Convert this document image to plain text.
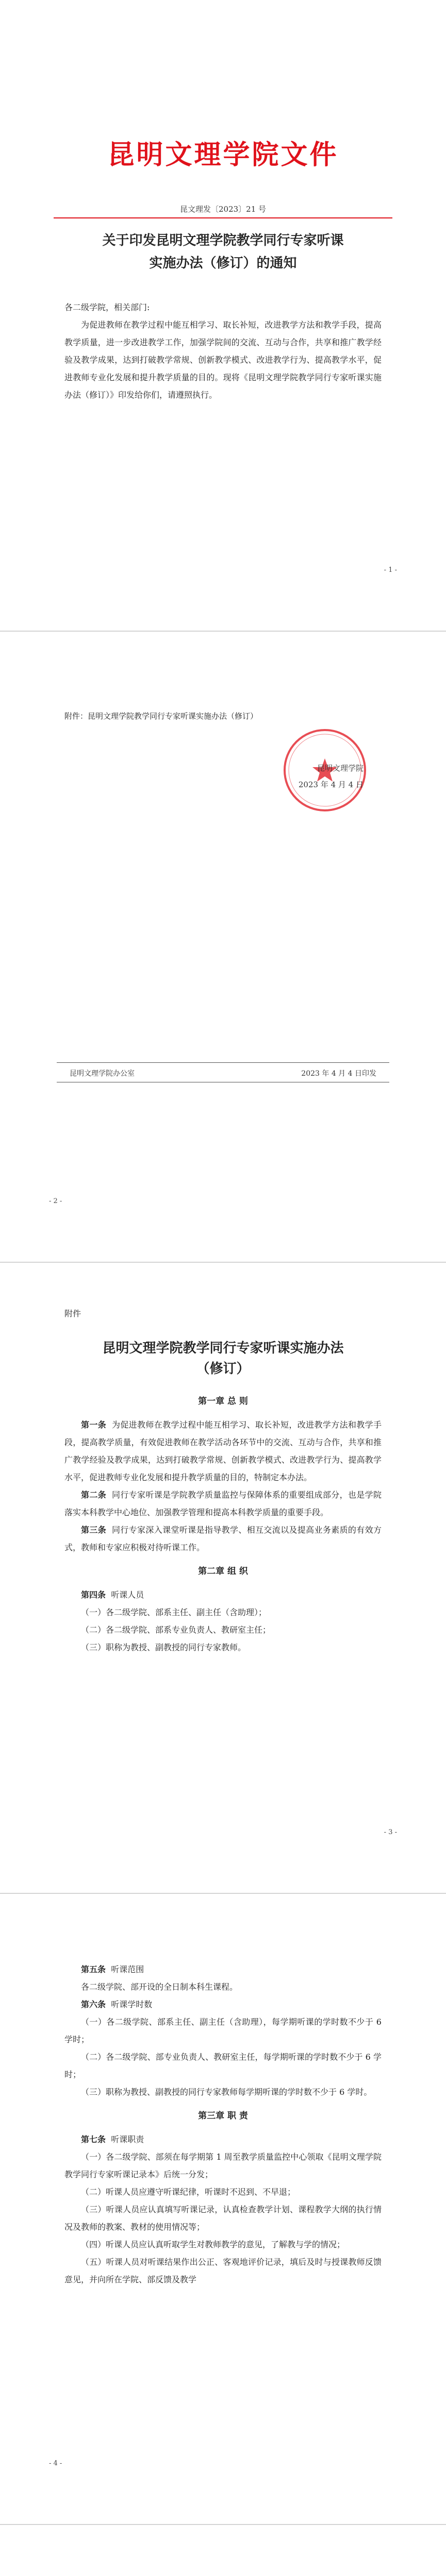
昆明文理学院文件
昆文理发〔2023〕21 号
关于印发昆明文理学院教学同行专家听课
实施办法（修订）的通知

各二级学院，相关部门:

为促进教师在教学过程中能互相学习、取长补短，改进教学方法和教学手段，提高教学质量，进一步改进教学工作，加强学院间的交流、互动与合作，共享和推广教学经验及教学成果，达到打破教学常规、创新教学模式、改进教学行为、提高教学水平，促进教师专业化发展和提升教学质量的目的。现将《昆明文理学院教学同行专家听课实施办法（修订）》印发给你们，请遵照执行。

- 1 -
- 2 -
附件：昆明文理学院教学同行专家听课实施办法（修订）
昆明文理学院
2023 年 4 月 4 日
昆明文理学院办公室	2023 年 4 月 4 日印发

附件

昆明文理学院教学同行专家听课实施办法
（修订）
第一章 总 则

第一条 为促进教师在教学过程中能互相学习、取长补短，改进教学方法和教学手段，提高教学质量，有效促进教师在教学活动各环节中的交流、互动与合作，共享和推广教学经验及教学成果，达到打破教学常规、创新教学模式、改进教学行为、提高教学水平，促进教师专业化发展和提升教学质量的目的，特制定本办法。

第二条 同行专家听课是学院教学质量监控与保障体系的重要组成部分，也是学院落实本科教学中心地位、加强教学管理和提高本科教学质量的重要手段。

第三条 同行专家深入课堂听课是指导教学、相互交流以及提高业务素质的有效方式，教师和专家应积极对待听课工作。

第二章 组 织

第四条 听课人员

（一）各二级学院、部系主任、副主任（含助理）；

（二）各二级学院、部系专业负责人、教研室主任；

（三）职称为教授、副教授的同行专家教师。

- 3 -

第五条 听课范围

各二级学院、部开设的全日制本科生课程。

第六条 听课学时数

（一）各二级学院、部系主任、副主任（含助理），每学期听课的学时数不少于 6 学时；

（二）各二级学院、部专业负责人、教研室主任，每学期听课的学时数不少于 6 学时；

（三）职称为教授、副教授的同行专家教师每学期听课的学时数不少于 6 学时。

第三章 职 责

第七条 听课职责

（一）各二级学院、部须在每学期第 1 周至教学质量监控中心领取《昆明文理学院教学同行专家听课记录本》后统一分发；

（二）听课人员应遵守听课纪律，听课时不迟到、不早退；

（三）听课人员应认真填写听课记录，认真检查教学计划、课程教学大纲的执行情况及教师的教案、教材的使用情况等；

（四）听课人员应认真听取学生对教师教学的意见，了解教与学的情况；

（五）听课人员对听课结果作出公正、客观地评价记录，填后及时与授课教师反馈意见，并向所在学院、部反馈及教学

- 4 -
